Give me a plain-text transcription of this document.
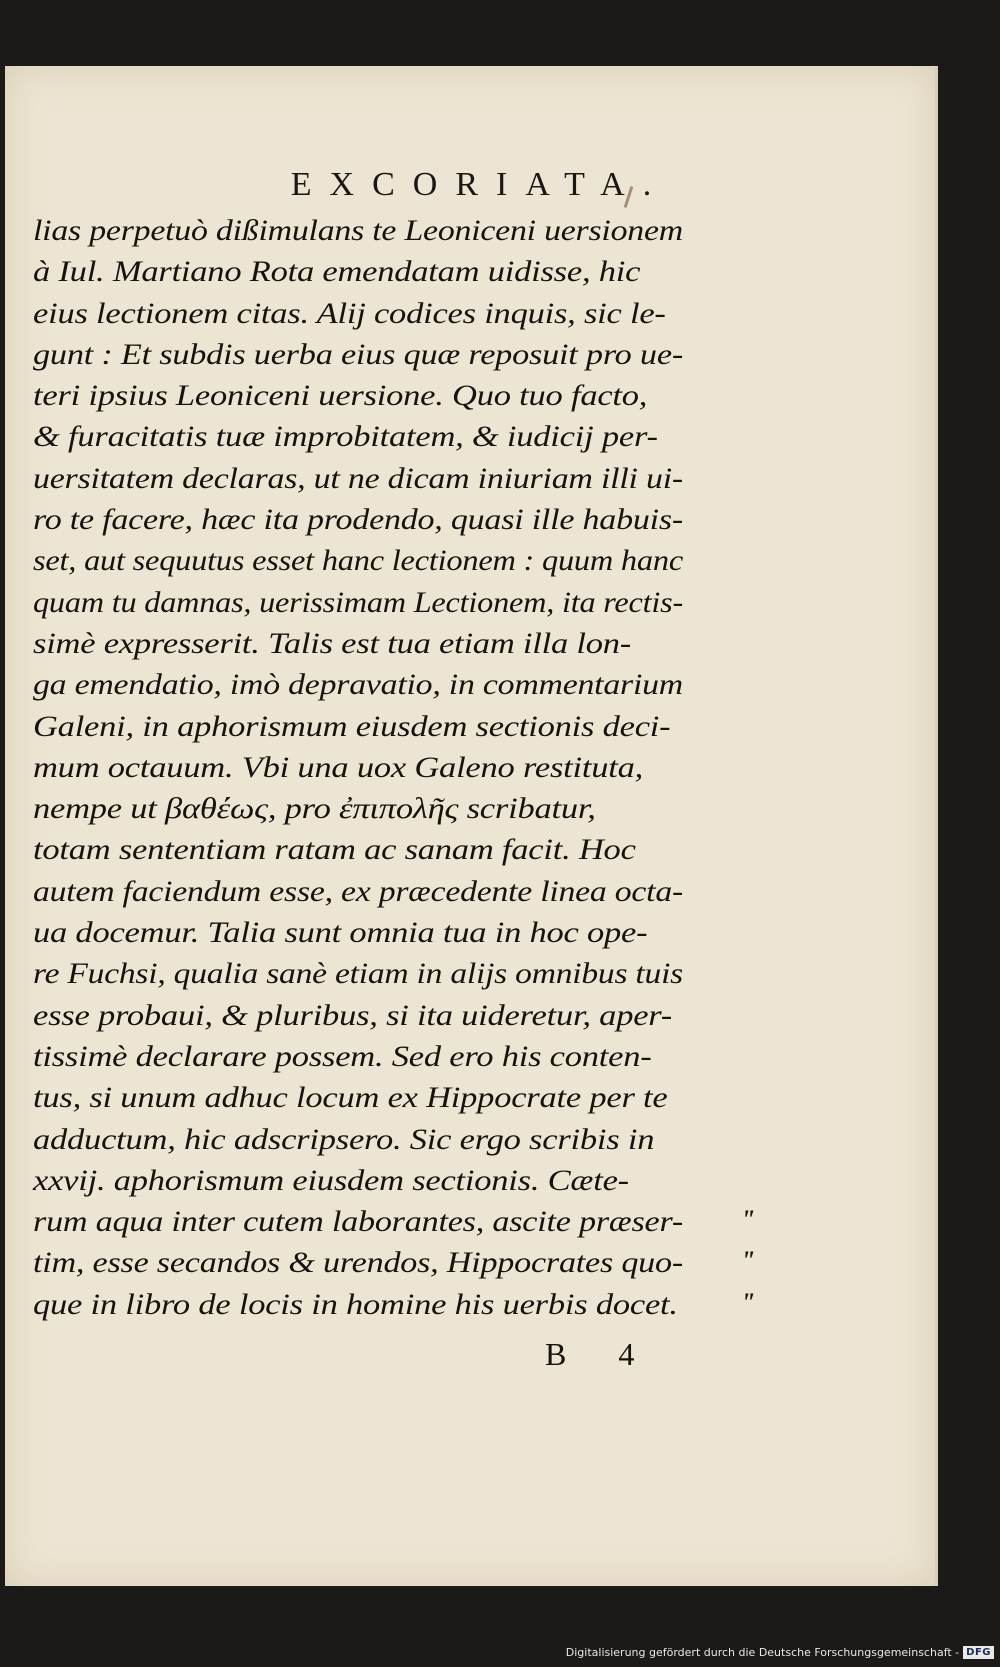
EXCORIATA.
lias perpetuò dißimulans te Leoniceni uersionem
à Iul. Martiano Rota emendatam uidisse, hic
eius lectionem citas. Alij codices inquis, sic le-
gunt : Et subdis uerba eius quæ reposuit pro ue-
teri ipsius Leoniceni uersione. Quo tuo facto,
& furacitatis tuæ improbitatem, & iudicij per-
uersitatem declaras, ut ne dicam iniuriam illi ui-
ro te facere, hæc ita prodendo, quasi ille habuis-
set, aut sequutus esset hanc lectionem : quum hanc
quam tu damnas, uerissimam Lectionem, ita rectis-
simè expresserit. Talis est tua etiam illa lon-
ga emendatio, imò depravatio, in commentarium
Galeni, in aphorismum eiusdem sectionis deci-
mum octauum. Vbi una uox Galeno restituta,
nempe ut βαθέως, pro ἐπιπολῆς scribatur,
totam sententiam ratam ac sanam facit. Hoc
autem faciendum esse, ex præcedente linea octa-
ua docemur. Talia sunt omnia tua in hoc ope-
re Fuchsi, qualia sanè etiam in alijs omnibus tuis
esse probaui, & pluribus, si ita uideretur, aper-
tissimè declarare possem. Sed ero his conten-
tus, si unum adhuc locum ex Hippocrate per te
adductum, hic adscripsero. Sic ergo scribis in
xxvij. aphorismum eiusdem sectionis. Cæte-
rum aqua inter cutem laborantes, ascite præser- "
tim, esse secandos & urendos, Hippocrates quo- "
que in libro de locis in homine his uerbis docet. "
B 4
Digitalisierung gefördert durch die Deutsche Forschungsgemeinschaft - DFG
